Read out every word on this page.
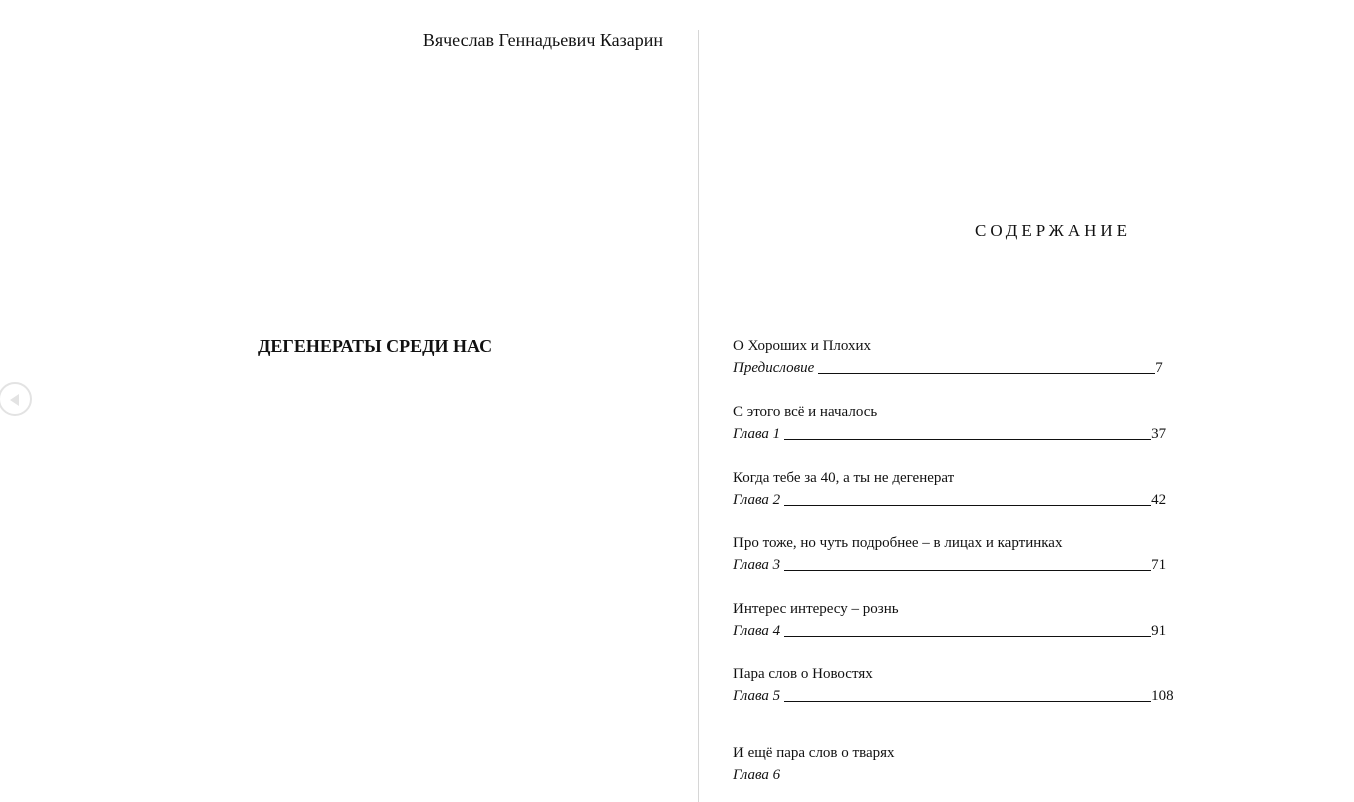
Вячеслав Геннадьевич Казарин
ДЕГЕНЕРАТЫ СРЕДИ НАС
СОДЕРЖАНИЕ
О Хороших и Плохих
Предисловие	7
С этого всё и началось
Глава 1	37
Когда тебе за 40, а ты не дегенерат
Глава 2	42
Про тоже, но чуть подробнее – в лицах и картинках
Глава 3	71
Интерес интересу – рознь
Глава 4	91
Пара слов о Новостях
Глава 5	108
И ещё пара слов о тварях
Глава 6
